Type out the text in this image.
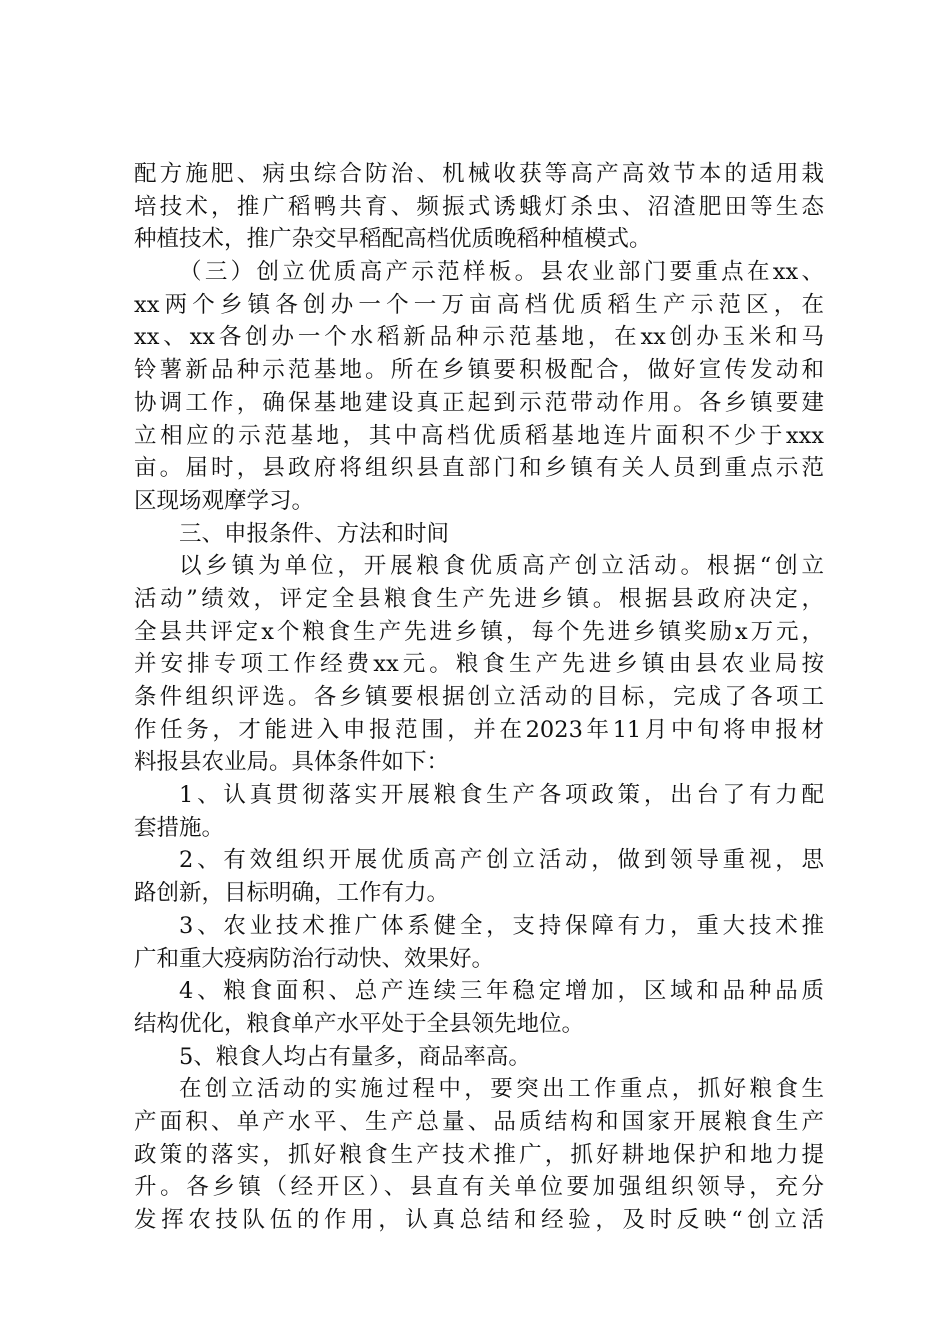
配方施肥、病虫综合防治、机械收获等高产高效节本的适用栽
培技术，推广稻鸭共育、频振式诱蛾灯杀虫、沼渣肥田等生态
种植技术，推广杂交早稻配高档优质晚稻种植模式。
（三）创立优质高产示范样板。县农业部门要重点在xx、
xx两个乡镇各创办一个一万亩高档优质稻生产示范区，在
xx、xx各创办一个水稻新品种示范基地，在xx创办玉米和马
铃薯新品种示范基地。所在乡镇要积极配合，做好宣传发动和
协调工作，确保基地建设真正起到示范带动作用。各乡镇要建
立相应的示范基地，其中高档优质稻基地连片面积不少于xxx
亩。届时，县政府将组织县直部门和乡镇有关人员到重点示范
区现场观摩学习。
三、申报条件、方法和时间
以乡镇为单位，开展粮食优质高产创立活动。根据“创立
活动”绩效，评定全县粮食生产先进乡镇。根据县政府决定，
全县共评定x个粮食生产先进乡镇，每个先进乡镇奖励x万元，
并安排专项工作经费xx元。粮食生产先进乡镇由县农业局按
条件组织评选。各乡镇要根据创立活动的目标，完成了各项工
作任务，才能进入申报范围，并在2023年11月中旬将申报材
料报县农业局。具体条件如下：
1、认真贯彻落实开展粮食生产各项政策，出台了有力配
套措施。
2、有效组织开展优质高产创立活动，做到领导重视，思
路创新，目标明确，工作有力。
3、农业技术推广体系健全，支持保障有力，重大技术推
广和重大疫病防治行动快、效果好。
4、粮食面积、总产连续三年稳定增加，区域和品种品质
结构优化，粮食单产水平处于全县领先地位。
5、粮食人均占有量多，商品率高。
在创立活动的实施过程中，要突出工作重点，抓好粮食生
产面积、单产水平、生产总量、品质结构和国家开展粮食生产
政策的落实，抓好粮食生产技术推广，抓好耕地保护和地力提
升。各乡镇（经开区）、县直有关单位要加强组织领导，充分
发挥农技队伍的作用，认真总结和经验，及时反映“创立活
